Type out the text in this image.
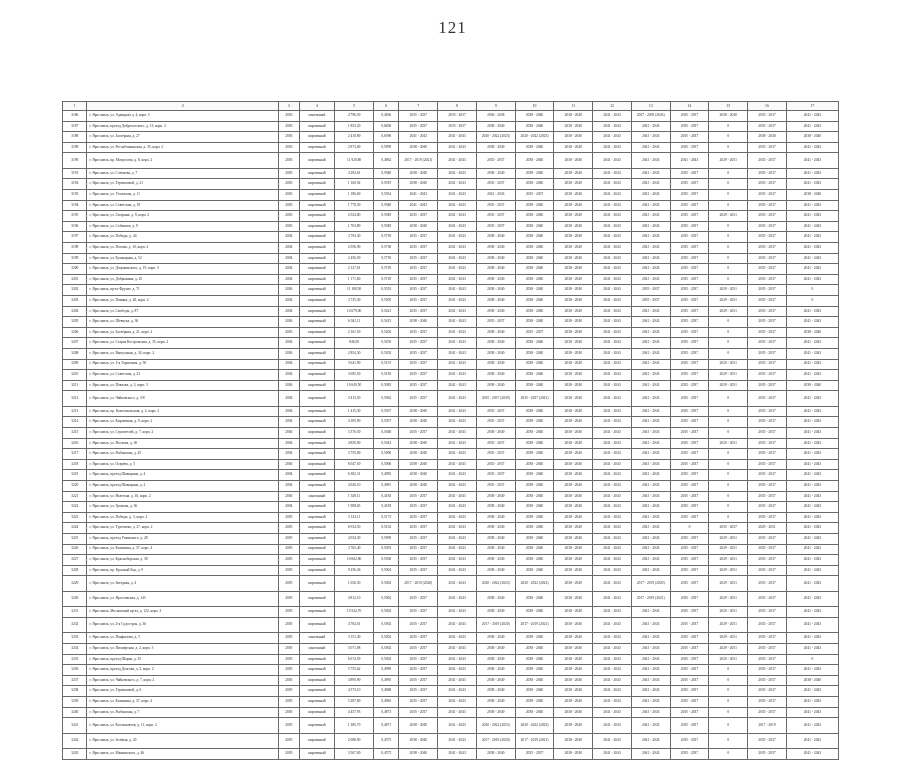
121
1	2	3	4	5	6	7	8	9	10	11	12	13	14	15	16	17
3186	г. Ярославль, ул. Адмирала д. 4, корп. 5	2003	панельный	4 796,50	0,4656	2035 - 2037	2035 - 2037	2036 - 2038	2038 - 2040	2038 - 2040	2041 - 2043	2037 - 2039 (2043)	2035 - 2037	2038 - 2040	2035 - 2037	2041 - 2043
3187	г. Ярославль, проезд Доброхотского, д. 13, корп. 3	2003	кирпичный	1 853,20	0,6656	2035 - 2037	2035 - 2037	2038 - 2040	2038 - 2040	2038 - 2040	2041 - 2043	2041 - 2043	2035 - 2037	0	2035 - 2037	2041 - 2043
3188	г. Ярославль, ул. Заозёрная, д. 27	2003	кирпичный	2 410,80	0,6596	2041 - 2043	2041 - 2043	2020 - 2022 (2023)	2020 - 2022 (2023)	2038 - 2040	2041 - 2043	2041 - 2043	2035 - 2037	0	2038 - 2040	2038 - 2040
3189	г. Ярославль, ул. Республиканская, д. 35, корп. 2	2003	кирпичный	2 873,00	0,5999	2038 - 2040	2041 - 2043	2038 - 2040	2038 - 2040	2038 - 2040	2041 - 2043	2041 - 2043	2035 - 2037	0	2035 - 2037	2041 - 2043
3190	г. Ярославль, пр. Матросова, д. 8, корп. 2	2003	кирпичный	11 920,80	0,4862	2017 - 2019 (2021)	2041 - 2043	2035 - 2037	2038 - 2040	2038 - 2040	2041 - 2043	2041 - 2043	2041 - 2043	2029 - 2031	2035 - 2037	2041 - 2043
3191	г. Ярославль, ул. Слепнева, д. 7	2003	кирпичный	4 292,61	0,5948	2038 - 2040	2041 - 2043	2038 - 2040	2038 - 2040	2038 - 2040	2041 - 2043	2041 - 2043	2035 - 2037	0	2035 - 2037	2041 - 2043
3192	г. Ярославль, ул. Терешковой, д. 21	2003	кирпичный	1 160,92	0,5919	2038 - 2040	2041 - 2043	2035 - 2037	2038 - 2040	2038 - 2040	2041 - 2043	2041 - 2043	2035 - 2037	0	2035 - 2037	2041 - 2043
3193	г. Ярославль, ул. Угличская, д. 11	2003	кирпичный	1 186,60	0,5934	2041 - 2043	2041 - 2043	2041 - 2043	2035 - 2037	2038 - 2040	2041 - 2043	2041 - 2043	2035 - 2037	0	2035 - 2037	2038 - 2040
3194	г. Ярославль, ул. Советская, д. 18	2003	кирпичный	1 770,30	0,5948	2041 - 2043	2041 - 2043	2035 - 2037	2038 - 2040	2038 - 2040	2041 - 2043	2041 - 2043	2035 - 2037	0	2035 - 2037	2041 - 2043
3195	г. Ярославль, ул. Гагарина, д. 9, корп. 2	2003	кирпичный	2 024,80	0,5949	2035 - 2037	2041 - 2043	2035 - 2037	2038 - 2040	2038 - 2040	2041 - 2043	2041 - 2043	2035 - 2037	2029 - 2031	2035 - 2037	2041 - 2043
3196	г. Ярославль, ул. Собинова, д. 9	2003	кирпичный	1 763,80	0,5949	2038 - 2040	2041 - 2043	2035 - 2037	2038 - 2040	2038 - 2040	2041 - 2043	2041 - 2043	2035 - 2037	0	2035 - 2037	2041 - 2043
3197	г. Ярославль, ул. Победы, д. 44	2004	кирпичный	3 794,30	0,5739	2035 - 2037	2041 - 2043	2038 - 2040	2038 - 2040	2038 - 2040	2041 - 2043	2041 - 2043	2035 - 2037	0	2035 - 2037	2041 - 2043
3198	г. Ярославль, ул. Попова, д. 10, корп. 2	2004	кирпичный	2 056,90	0,5738	2035 - 2037	2041 - 2043	2038 - 2040	2038 - 2040	2038 - 2040	2041 - 2043	2041 - 2043	2035 - 2037	0	2035 - 2037	2041 - 2043
3199	г. Ярославль, ул. Бульварная, д. 52	2004	кирпичный	2 456,50	0,5739	2035 - 2037	2041 - 2043	2038 - 2040	2038 - 2040	2038 - 2040	2041 - 2043	2041 - 2043	2035 - 2037	0	2035 - 2037	2041 - 2043
3200	г. Ярославль, ул. Дзержинского, д. 19, корп. 3	2004	кирпичный	2 127,61	0,5729	2035 - 2037	2041 - 2043	2038 - 2040	2038 - 2040	2038 - 2040	2041 - 2043	2041 - 2043	2035 - 2037	0	2035 - 2037	2041 - 2043
3201	г. Ярославль, ул. Добрынина, д. 25	2004	кирпичный	1 171,60	0,5729	2035 - 2037	2041 - 2043	2038 - 2040	2038 - 2040	2038 - 2040	2041 - 2043	2041 - 2043	2035 - 2037	0	2035 - 2037	2041 - 2043
3202	г. Ярославль, пр-кт Фрунзе, д. 71	2004	кирпичный	11 180,50	0,5533	2035 - 2037	2041 - 2043	2038 - 2040	2038 - 2040	2038 - 2040	2041 - 2043	2035 - 2037	2035 - 2037	2029 - 2031	2035 - 2037	0
3203	г. Ярославль, ул. Панина, д. 28, корп. 2	2004	кирпичный	3 735,30	0,5505	2035 - 2037	2041 - 2043	2038 - 2040	2038 - 2040	2038 - 2040	2041 - 2043	2035 - 2037	2035 - 2037	2029 - 2031	2035 - 2037	0
3204	г. Ярославль, ул. Свободы, д. 87	2004	кирпичный	14 679,00	0,5421	2035 - 2037	2041 - 2043	2038 - 2040	2038 - 2040	2038 - 2040	2041 - 2043	2041 - 2043	2035 - 2037	2029 - 2031	2035 - 2037	2041 - 2043
3205	г. Ярославль, ул. Шевчука, д. 36	2004	кирпичный	6 041,11	0,5415	2038 - 2040	2041 - 2043	2035 - 2037	2038 - 2040	2038 - 2040	2041 - 2043	2041 - 2043	2035 - 2037	0	2035 - 2037	2041 - 2043
3206	г. Ярославль, ул. Заозёрная, д. 21, корп. 2	2003	кирпичный	2 161,50	0,5202	2035 - 2037	2041 - 2043	2038 - 2040	2035 - 2037	2038 - 2040	2041 - 2043	2041 - 2043	2035 - 2037	0	2035 - 2037	2038 - 2040
3207	г. Ярославль, ул. Старая Костромская, д. 35, корп. 2	2004	кирпичный	846,50	0,5203	2035 - 2037	2041 - 2043	2038 - 2040	2038 - 2040	2038 - 2040	2041 - 2043	2041 - 2043	2035 - 2037	0	2035 - 2037	2041 - 2043
3208	г. Ярославль, ул. Выпускная, д. 34, корп. 2	2004	кирпичный	2 854,30	0,5203	2035 - 2037	2041 - 2043	2038 - 2040	2038 - 2040	2038 - 2040	2041 - 2043	2041 - 2043	2035 - 2037	0	2035 - 2037	2041 - 2043
3209	г. Ярославль, ул. 1-я Тормозная, д. 50	2004	кирпичный	3 641,90	0,5191	2035 - 2037	2041 - 2043	2038 - 2040	2038 - 2040	2038 - 2040	2041 - 2043	2041 - 2043	2035 - 2037	2029 - 2031	2035 - 2037	2041 - 2043
3210	г. Ярославль, ул. Советская, д. 23	2004	кирпичный	3 695,50	0,5183	2035 - 2037	2041 - 2043	2038 - 2040	2038 - 2040	2038 - 2040	2041 - 2043	2041 - 2043	2035 - 2037	2029 - 2031	2035 - 2037	2041 - 2043
3211	г. Ярославль, ул. Павлова, д. 3, корп. 3	2004	кирпичный	10 649,50	0,5083	2035 - 2037	2041 - 2043	2038 - 2040	2038 - 2040	2038 - 2040	2041 - 2043	2041 - 2043	2035 - 2037	2029 - 2031	2035 - 2037	2038 - 2040
3212	г. Ярославль, ул. Чайковского, д. 3/8	2004	кирпичный	3 413,50	0,5062	2035 - 2037	2041 - 2043	2035 - 2037 (2039)	2035 - 2037 (2041)	2038 - 2040	2041 - 2043	2041 - 2043	2035 - 2037	0	2035 - 2037	2041 - 2043
3213	г. Ярославль, пр. Комсомольская, д. 2, корп. 2	2004	кирпичный	1 415,30	0,5037	2038 - 2040	2041 - 2043	2035 - 2037	2038 - 2040	2038 - 2040	2041 - 2043	2041 - 2043	2035 - 2037	0	2035 - 2037	2041 - 2043
3214	г. Ярославль, ул. Кирпичная, д. 9, корп. 2	2004	кирпичный	4 185,90	0,5037	2038 - 2040	2041 - 2043	2035 - 2037	2038 - 2040	2038 - 2040	2041 - 2043	2041 - 2043	2035 - 2037	0	2035 - 2037	2041 - 2043
3215	г. Ярославль, ул. Строителей, д. 7, корп. 2	2004	кирпичный	3 376,50	0,5048	2035 - 2037	2041 - 2043	2038 - 2040	2038 - 2040	2038 - 2040	2041 - 2043	2041 - 2043	2035 - 2037	0	2035 - 2037	2041 - 2043
3216	г. Ярославль, ул. Носкова, д. 30	2004	кирпичный	4 850,00	0,5043	2038 - 2040	2041 - 2043	2035 - 2037	2038 - 2040	2038 - 2040	2041 - 2043	2041 - 2043	2035 - 2037	2029 - 2031	2035 - 2037	2041 - 2043
3217	г. Ярославль, ул. Рыбинская, д. 25	2004	кирпичный	3 755,00	0,5000	2038 - 2040	2041 - 2043	2035 - 2037	2038 - 2040	2038 - 2040	2041 - 2043	2041 - 2043	2035 - 2037	0	2035 - 2037	2041 - 2043
3218	г. Ярославль, ул. Огарёва, д. 5	2004	кирпичный	6 047,50	0,5006	2038 - 2040	2041 - 2043	2035 - 2037	2038 - 2040	2038 - 2040	2041 - 2043	2041 - 2043	2035 - 2037	0	2035 - 2037	2041 - 2043
3219	г. Ярославль, проезд Шавырина, д. 4	2004	кирпичный	6 382,31	0,4983	2038 - 2040	2041 - 2043	2035 - 2037	2038 - 2040	2038 - 2040	2041 - 2043	2041 - 2043	2035 - 2037	0	2035 - 2037	2041 - 2043
3220	г. Ярославль, проезд Шавырина, д. 2	2004	кирпичный	4 026,10	0,4981	2038 - 2040	2041 - 2043	2035 - 2037	2038 - 2040	2038 - 2040	2041 - 2043	2041 - 2043	2035 - 2037	0	2035 - 2037	2041 - 2043
3221	г. Ярославль, ул. Ньютона, д. 16, корп. 2	2004	панельный	1 349,11	0,4183	2035 - 2037	2041 - 2043	2038 - 2040	2038 - 2040	2038 - 2040	2041 - 2043	2041 - 2043	2035 - 2037	0	2035 - 2037	2041 - 2043
3222	г. Ярославль, ул. Громова, д. 36	2004	кирпичный	1 908,65	0,4183	2035 - 2037	2041 - 2043	2038 - 2040	2038 - 2040	2038 - 2040	2041 - 2043	2041 - 2043	2035 - 2037	0	2035 - 2037	2041 - 2043
3223	г. Ярославль, ул. Победы, д. 3, корп. 2	2005	кирпичный	3 143,11	0,5173	2035 - 2037	2041 - 2043	2038 - 2040	2038 - 2040	2038 - 2040	2041 - 2043	2041 - 2043	2035 - 2037	0	2035 - 2037	2041 - 2043
3224	г. Ярославль, ул. Тургенева, д. 27, корп. 2	2005	кирпичный	6 934,50	0,5102	2035 - 2037	2041 - 2043	2038 - 2040	2038 - 2040	2038 - 2040	2041 - 2043	2041 - 2043	0	2035 - 2037	2029 - 2031	2041 - 2043
3225	г. Ярославль, проезд Ушинского, д. 28	2005	кирпичный	4 034,30	0,5099	2035 - 2037	2041 - 2043	2038 - 2040	2038 - 2040	2038 - 2040	2041 - 2043	2041 - 2043	2035 - 2037	2029 - 2031	2035 - 2037	2041 - 2043
3226	г. Ярославль, ул. Калинина, д. 37, корп. 4	2005	кирпичный	3 765,40	0,5053	2035 - 2037	2041 - 2043	2038 - 2040	2038 - 2040	2038 - 2040	2041 - 2043	2041 - 2043	2035 - 2037	2029 - 2031	2035 - 2037	2041 - 2043
3227	г. Ярославль, ул. Красноборская, д. 38	2005	кирпичный	10 602,80	0,5038	2035 - 2037	2041 - 2043	2038 - 2040	2038 - 2040	2038 - 2040	2041 - 2043	2041 - 2043	2035 - 2037	2029 - 2031	2035 - 2037	2041 - 2043
3228	г. Ярославль, пр. Красный Бор, д. 9	2005	кирпичный	9 256,36	0,5004	2035 - 2037	2041 - 2043	2038 - 2040	2038 - 2040	2038 - 2040	2041 - 2043	2041 - 2043	2035 - 2037	2029 - 2031	2035 - 2037	2041 - 2043
3229	г. Ярославль, ул. Звездная, д. 4	2005	кирпичный	1 656,30	0,5002	2017 - 2019 (2020)	2041 - 2043	2020 - 2022 (2023)	2020 - 2022 (2023)	2038 - 2040	2041 - 2043	2017 - 2019 (2020)	2035 - 2037	2029 - 2031	2035 - 2037	2041 - 2043
3230	г. Ярославль, ул. Ярославская, д. 143	2005	кирпичный	4 812,10	0,5002	2035 - 2037	2041 - 2043	2038 - 2040	2038 - 2040	2038 - 2040	2041 - 2043	2017 - 2019 (2021)	2035 - 2037	2029 - 2031	2035 - 2037	2041 - 2043
3231	г. Ярославль, Московский пр-кт, д. 122, корп. 3	2005	кирпичный	10 522,70	0,5002	2035 - 2037	2041 - 2043	2038 - 2040	2038 - 2040	2038 - 2040	2041 - 2043	2041 - 2043	2035 - 2037	2029 - 2031	2035 - 2037	2041 - 2043
3232	г. Ярославль, ул. 2-я Судостроя, д. 36	2005	кирпичный	4 704,01	0,5002	2035 - 2037	2041 - 2043	2017 - 2019 (2020)	2017 - 2019 (2021)	2038 - 2040	2041 - 2043	2041 - 2043	2035 - 2037	2029 - 2031	2035 - 2037	2041 - 2043
3233	г. Ярославль, ул. Панфилова, д. 5	2005	панельный	3 151,40	0,5002	2035 - 2037	2041 - 2043	2038 - 2040	2038 - 2040	2038 - 2040	2041 - 2043	2041 - 2043	2035 - 2037	2029 - 2031	2035 - 2037	2041 - 2043
3234	г. Ярославль, ул. Пионерская, д. 2, корп. 3	2005	панельный	3 071,08	0,5002	2035 - 2037	2041 - 2043	2038 - 2040	2038 - 2040	2038 - 2040	2041 - 2043	2041 - 2043	2035 - 2037	2029 - 2031	2035 - 2037	2041 - 2043
3235	г. Ярославль, проезд Шарна, д. 35	2005	кирпичный	6 674,59	0,5002	2035 - 2037	2041 - 2043	2038 - 2040	2038 - 2040	2038 - 2040	2041 - 2043	2041 - 2043	2035 - 2037	2029 - 2031	2035 - 2037	0
3236	г. Ярославль, проезд Долгова, д. 5, корп. 2	2005	кирпичный	5 755,62	0,4999	2035 - 2037	2041 - 2043	2038 - 2040	2038 - 2040	2038 - 2040	2041 - 2043	2041 - 2043	2035 - 2037	0	2035 - 2037	2041 - 2043
3237	г. Ярославль, ул. Чайковского, д. 7, корп. 2	2005	кирпичный	4 895,90	0,4995	2035 - 2037	2041 - 2043	2038 - 2040	2038 - 2040	2038 - 2040	2041 - 2043	2041 - 2043	2035 - 2037	0	2035 - 2037	2038 - 2040
3238	г. Ярославль, ул. Терешковой, д. 6	2005	кирпичный	4 573,10	0,4968	2035 - 2037	2041 - 2043	2038 - 2040	2038 - 2040	2038 - 2040	2041 - 2043	2041 - 2043	2035 - 2037	0	2035 - 2037	2041 - 2043
3239	г. Ярославль, ул. Калинина, д. 37, корп. 4	2005	кирпичный	5 287,00	0,4965	2035 - 2037	2041 - 2043	2038 - 2040	2038 - 2040	2038 - 2040	2041 - 2043	2041 - 2043	2035 - 2037	0	2035 - 2037	2041 - 2043
3240	г. Ярославль, ул. Рыбинская, д. 7	2005	кирпичный	4 457,93	0,4873	2035 - 2037	2041 - 2043	2038 - 2040	2038 - 2040	2038 - 2040	2041 - 2043	2041 - 2043	2035 - 2037	0	2035 - 2037	2041 - 2043
3241	г. Ярославль, ул. Космонавтов, д. 11, корп. 2	2005	кирпичный	1 385,70	0,4871	2038 - 2040	2041 - 2043	2020 - 2022 (2023)	2020 - 2022 (2023)	2038 - 2040	2041 - 2043	2041 - 2043	2035 - 2037	0	2017 - 2019	2041 - 2043
3242	г. Ярославль, ул. Зелёная, д. 20	2005	кирпичный	2 088,90	0,4575	2038 - 2040	2041 - 2043	2017 - 2019 (2020)	2017 - 2019 (2021)	2038 - 2040	2041 - 2043	2041 - 2043	2035 - 2037	0	2035 - 2037	2041 - 2043
3243	г. Ярославль, ул. Маяковского, д. 46	2005	кирпичный	3 567,00	0,4575	2038 - 2040	2041 - 2043	2038 - 2040	2035 - 2037	2038 - 2040	2041 - 2043	2041 - 2043	2035 - 2037	0	2035 - 2037	2041 - 2043
